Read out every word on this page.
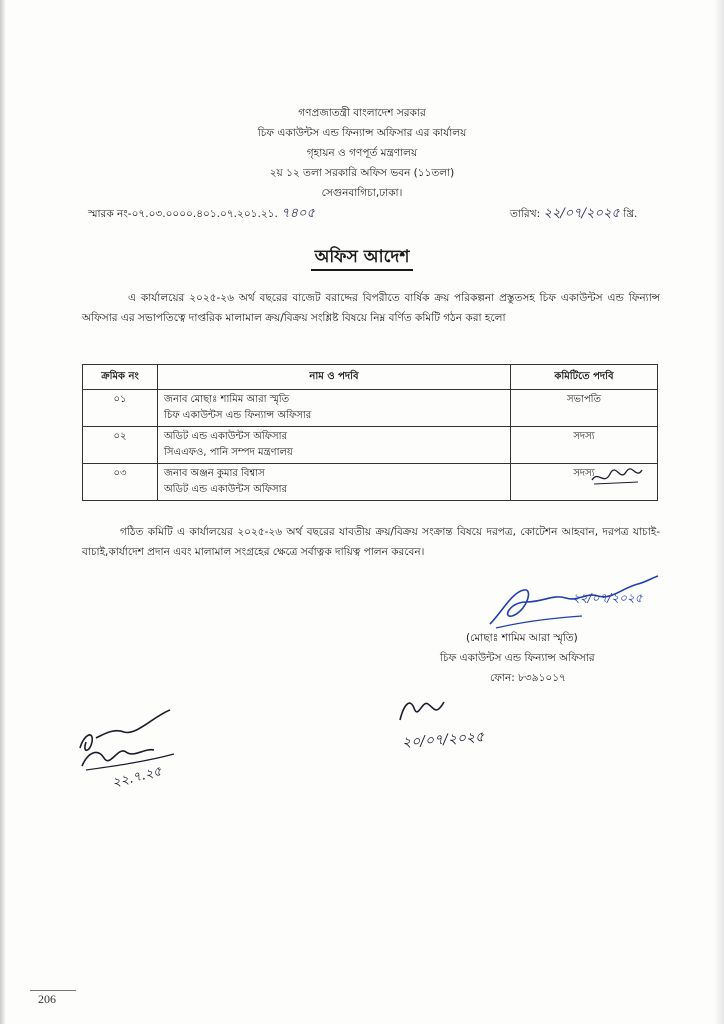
গণপ্রজাতন্ত্রী বাংলাদেশ সরকার
চিফ একাউন্টস এন্ড ফিন্যান্স অফিসার এর কার্যালয়
গৃহায়ন ও গণপূর্ত মন্ত্রণালয়
২য় ১২ তলা সরকারি অফিস ভবন (১১তলা)
সেগুনবাগিচা,ঢাকা।
স্মারক নং-০৭.০৩.০০০০.৪০১.০৭.২০১.২১. ৭৪০৫	তারিখ: ২২/০৭/২০২৫ খ্রি.
অফিস আদেশ
এ কার্যালয়ের ২০২৫-২৬ অর্থ বছরের বাজেট বরাদ্দের বিপরীতে বার্ষিক ক্রয় পরিকল্পনা প্রস্তুতসহ চিফ একাউন্টস এন্ড ফিন্যান্স অফিসার এর সভাপতিত্বে দাপ্তরিক মালামাল ক্রয়/বিক্রয় সংশ্লিষ্ট বিষয়ে নিম্ন বর্ণিত কমিটি গঠন করা হলো
ক্রমিক নং	নাম ও পদবি	কমিটিতে পদবি
০১	জনাব মোছাঃ শামিম আরা স্মৃতি
চিফ একাউন্টস এন্ড ফিন্যান্স অফিসার	সভাপতি
০২	অডিট এন্ড একাউন্টস অফিসার
সিএএফও, পানি সম্পদ মন্ত্রণালয়	সদস্য
০৩	জনাব অঞ্জন কুমার বিশ্বাস
অডিট এন্ড একাউন্টস অফিসার	সদস্য
গঠিত কমিটি এ কার্যালয়ের ২০২৫-২৬ অর্থ বছরের যাবতীয় ক্রয়/বিক্রয় সংক্রান্ত বিষয়ে দরপত্র, কোটেশন আহবান, দরপত্র যাচাই-বাচাই,কার্যাদেশ প্রদান এবং মালামাল সংগ্রহের ক্ষেত্রে সর্বাত্নক দায়িত্ব পালন করবেন।
২২/০৭/২০২৫
(মোছাঃ শামিম আরা স্মৃতি)
চিফ একাউন্টস এন্ড ফিন্যান্স অফিসার
ফোন: ৮৩৯১০১৭
২০/০৭/২০২৫
২২.৭.২৫
206
